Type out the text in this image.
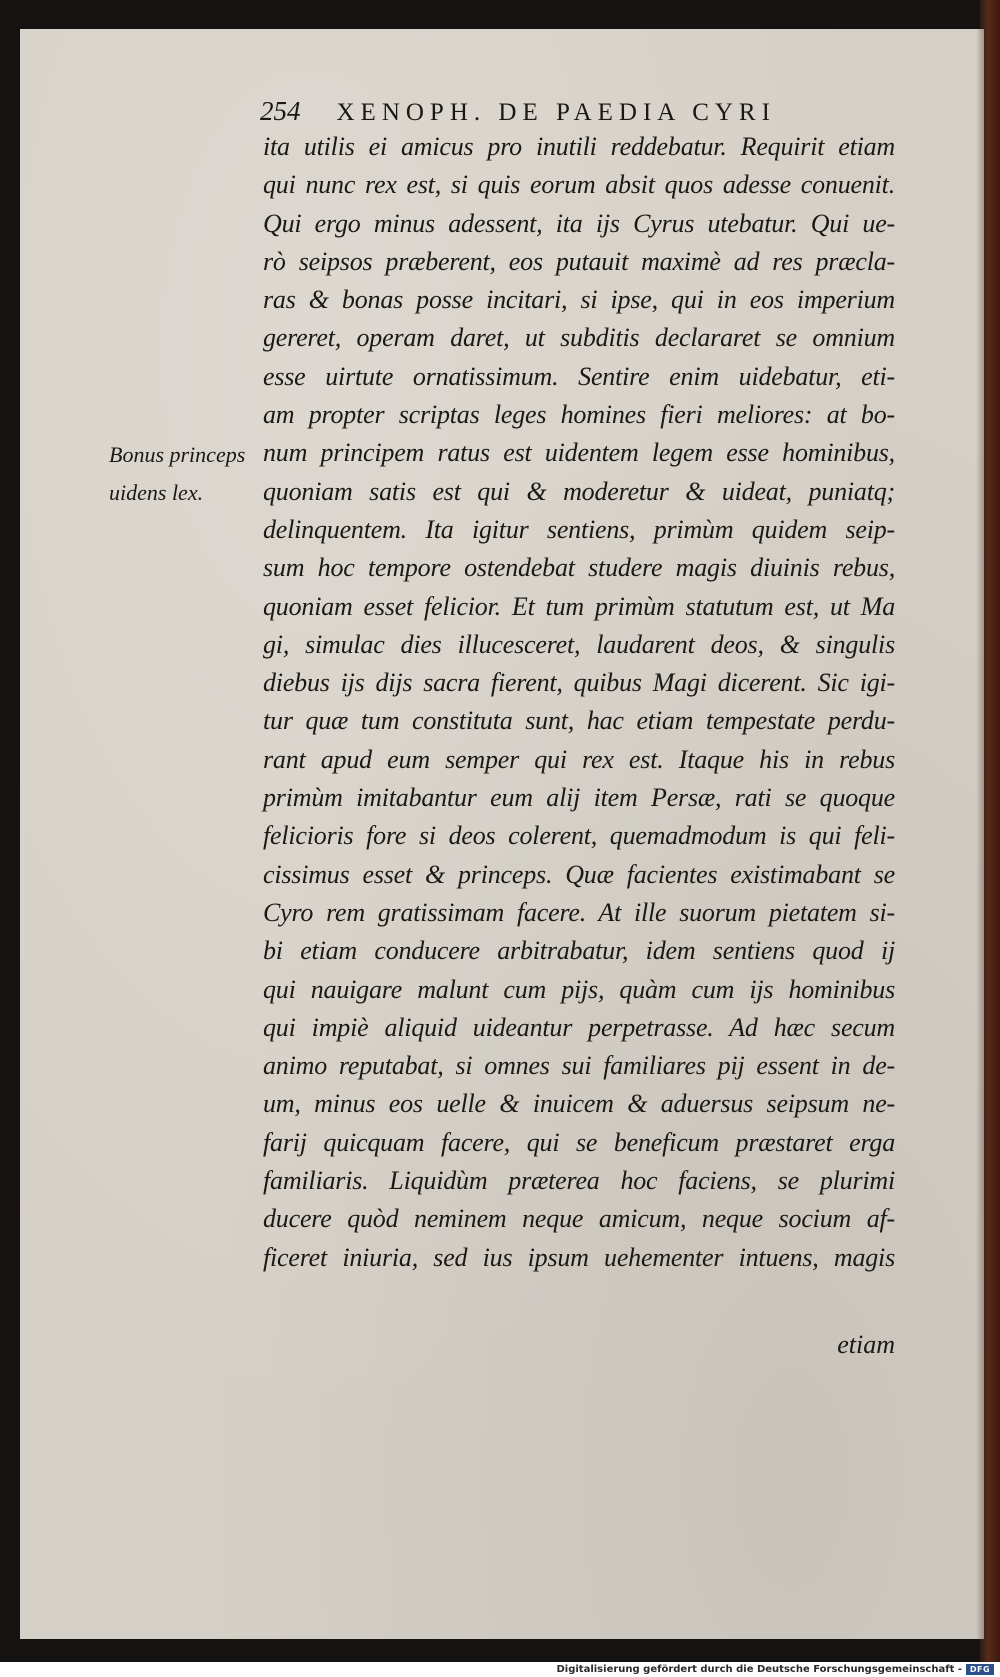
254 XENOPH. DE PAEDIA CYRI
Bonus princeps
uidens lex.
ita utilis ei amicus pro inutili reddebatur. Requirit etiam
qui nunc rex est, si quis eorum absit quos adesse conuenit.
Qui ergo minus adessent, ita ijs Cyrus utebatur. Qui ue-
rò seipsos præberent, eos putauit maximè ad res præcla-
ras & bonas posse incitari, si ipse, qui in eos imperium
gereret, operam daret, ut subditis declararet se omnium
esse uirtute ornatissimum. Sentire enim uidebatur, eti-
am propter scriptas leges homines fieri meliores: at bo-
num principem ratus est uidentem legem esse hominibus,
quoniam satis est qui & moderetur & uideat, puniatq;
delinquentem. Ita igitur sentiens, primùm quidem seip-
sum hoc tempore ostendebat studere magis diuinis rebus,
quoniam esset felicior. Et tum primùm statutum est, ut Ma
gi, simulac dies illucesceret, laudarent deos, & singulis
diebus ijs dijs sacra fierent, quibus Magi dicerent. Sic igi-
tur quæ tum constituta sunt, hac etiam tempestate perdu-
rant apud eum semper qui rex est. Itaque his in rebus
primùm imitabantur eum alij item Persæ, rati se quoque
felicioris fore si deos colerent, quemadmodum is qui feli-
cissimus esset & princeps. Quæ facientes existimabant se
Cyro rem gratissimam facere. At ille suorum pietatem si-
bi etiam conducere arbitrabatur, idem sentiens quod ij
qui nauigare malunt cum pijs, quàm cum ijs hominibus
qui impiè aliquid uideantur perpetrasse. Ad hæc secum
animo reputabat, si omnes sui familiares pij essent in de-
um, minus eos uelle & inuicem & aduersus seipsum ne-
farij quicquam facere, qui se beneficum præstaret erga
familiaris. Liquidùm præterea hoc faciens, se plurimi
ducere quòd neminem neque amicum, neque socium af-
ficeret iniuria, sed ius ipsum uehementer intuens, magis
etiam
Digitalisierung gefördert durch die Deutsche Forschungsgemeinschaft - DFG
